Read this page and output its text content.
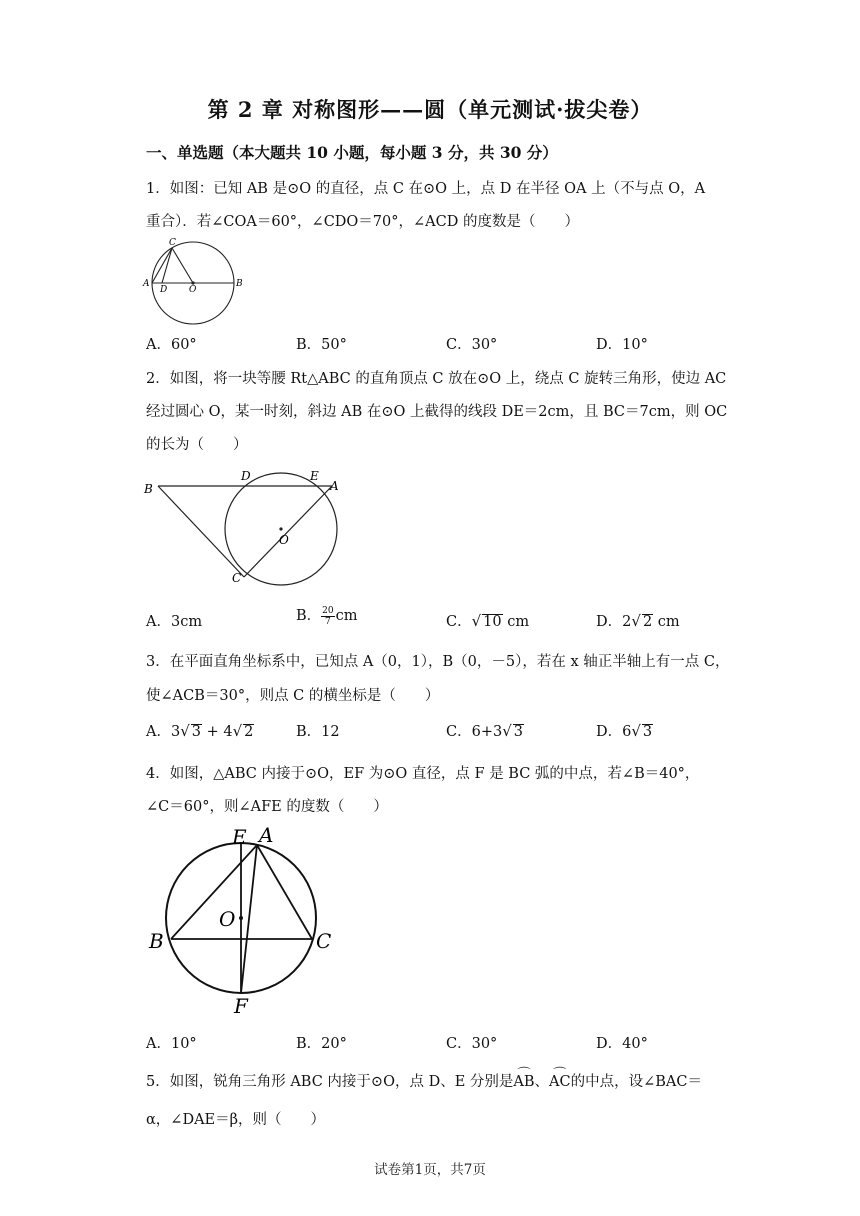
第 2 章 对称图形——圆（单元测试·拔尖卷）
一、单选题（本大题共 10 小题，每小题 3 分，共 30 分）
1．如图：已知 AB 是⊙O 的直径，点 C 在⊙O 上，点 D 在半径 OA 上（不与点 O，A
重合）．若∠COA＝60°，∠CDO＝70°，∠ACD 的度数是（　　）
C
A
D O
B
A．60°	B．50°	C．30°	D．10°
2．如图，将一块等腰 Rt△ABC 的直角顶点 C 放在⊙O 上，绕点 C 旋转三角形，使边 AC
经过圆心 O，某一时刻，斜边 AB 在⊙O 上截得的线段 DE＝2cm，且 BC＝7cm，则 OC
的长为（　　）
B
D	E
A
O
C
A．3cm	B． $\frac{20}{7}$ cm	C．√ 10 cm	D．2√ 2 cm
3．在平面直角坐标系中，已知点 A（0，1），B（0，－5），若在 x 轴正半轴上有一点 C，
使∠ACB＝30°，则点 C 的横坐标是（　　）
A．3√ 3 + 4√ 2	B．12	C．6+3√ 3	D．6√ 3
4．如图，△ABC 内接于⊙O，EF 为⊙O 直径，点 F 是 BC 弧的中点，若∠B＝40°，
∠C＝60°，则∠AFE 的度数（　　）
E A
O
B	C
F
A．10°	B．20°	C．30°	D．40°
5．如图，锐角三角形 ABC 内接于⊙O，点 D、E 分别是⌒ AB、⌒ AC的中点，设∠BAC＝
α，∠DAE＝β，则（　　）
试卷第1页，共7页
